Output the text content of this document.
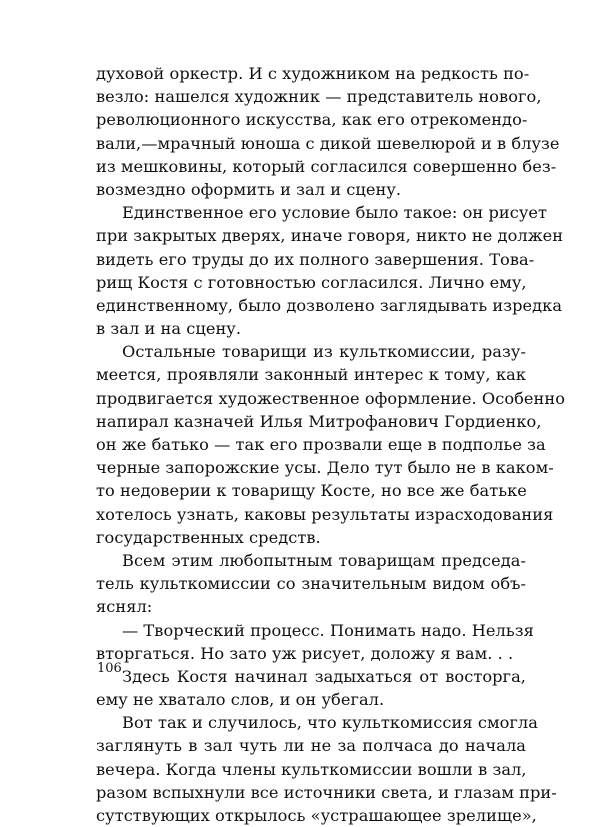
духовой оркестр. И с художником на редкость по-
везло: нашелся художник — представитель нового,
революционного искусства, как его отрекомендо-
вали,—мрачный юноша с дикой шевелюрой и в блузе
из мешковины, который согласился совершенно без-
возмездно оформить и зал и сцену.
Единственное его условие было такое: он рисует
при закрытых дверях, иначе говоря, никто не должен
видеть его труды до их полного завершения. Това-
рищ Костя с готовностью согласился. Лично ему,
единственному, было дозволено заглядывать изредка
в зал и на сцену.
Остальные товарищи из культкомиссии, разу-
меется, проявляли законный интерес к тому, как
продвигается художественное оформление. Особенно
напирал казначей Илья Митрофанович Гордиенко,
он же батько — так его прозвали еще в подполье за
черные запорожские усы. Дело тут было не в каком-
то недоверии к товарищу Косте, но все же батьке
хотелось узнать, каковы результаты израсходования
государственных средств.
Всем этим любопытным товарищам председа-
тель культкомиссии со значительным видом объ-
яснял:
— Творческий процесс. Понимать надо. Нельзя
вторгаться. Но зато уж рисует, доложу я вам. . .
Здесь Костя начинал задыхаться от восторга,
ему не хватало слов, и он убегал.
Вот так и случилось, что культкомиссия смогла
заглянуть в зал чуть ли не за полчаса до начала
вечера. Когда члены культкомиссии вошли в зал,
разом вспыхнули все источники света, и глазам при-
сутствующих открылось «устрашающее зрелище»,
106
